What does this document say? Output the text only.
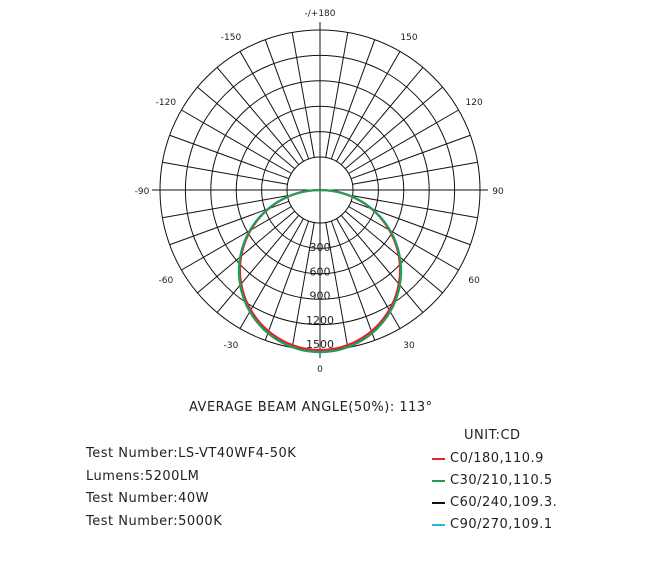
300
600
900
1200
1500
-/+180
-150	150
-120	120
-90	90
-60	60
-30	30
0
AVERAGE BEAM ANGLE(50%): 113°
Test Number:LS-VT40WF4-50K
Lumens:5200LM
Test Number:40W
Test Number:5000K
UNIT:CD
C0/180,110.9
C30/210,110.5
C60/240,109.3.
C90/270,109.1
